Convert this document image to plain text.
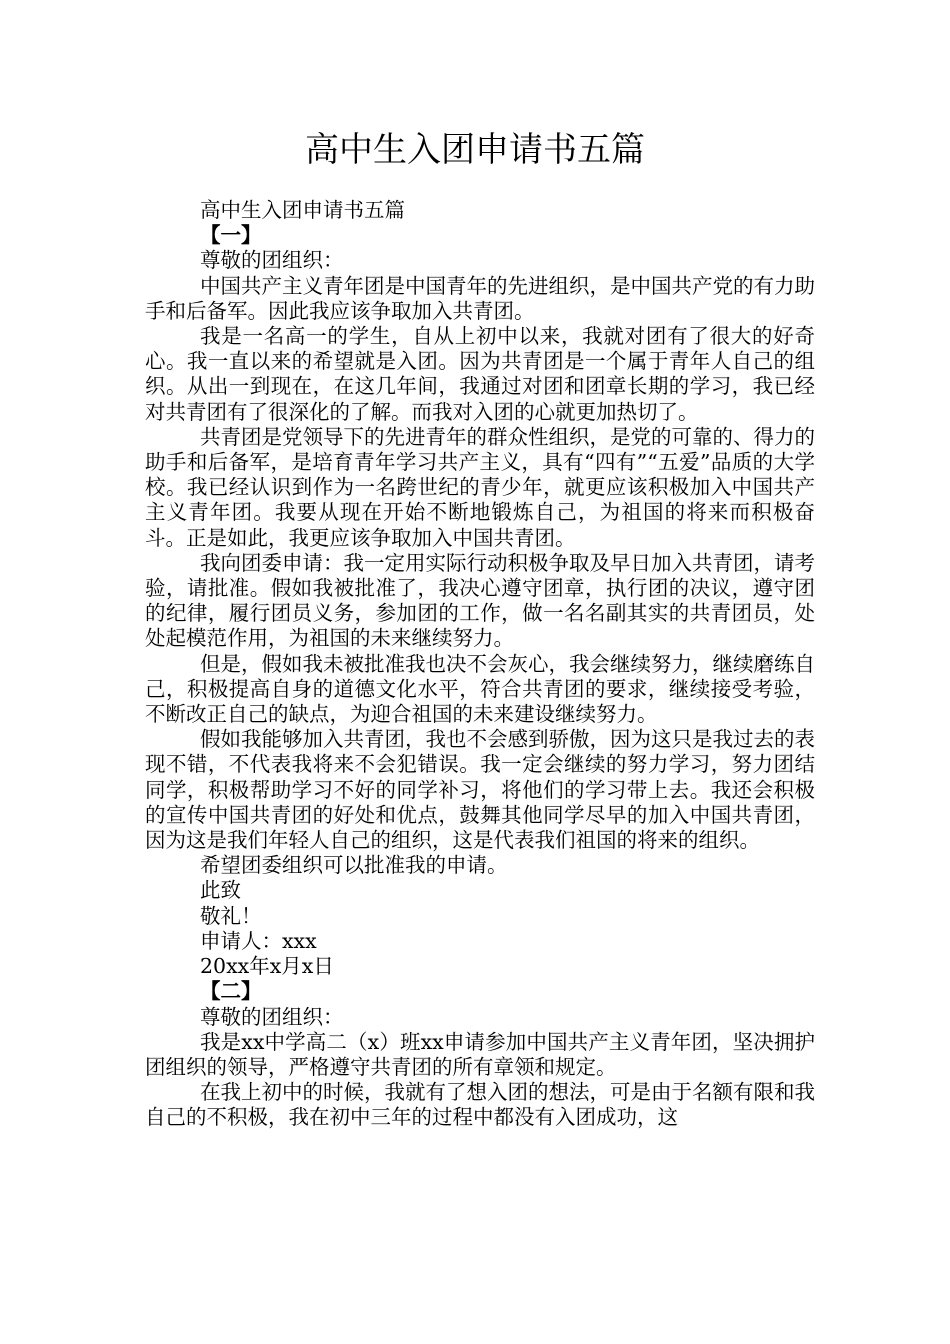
高中生入团申请书五篇

高中生入团申请书五篇

【一】

尊敬的团组织：

中国共产主义青年团是中国青年的先进组织，是中国共产党的有力助手和后备军。因此我应该争取加入共青团。

我是一名高一的学生，自从上初中以来，我就对团有了很大的好奇心。我一直以来的希望就是入团。因为共青团是一个属于青年人自己的组织。从出一到现在，在这几年间，我通过对团和团章长期的学习，我已经对共青团有了很深化的了解。而我对入团的心就更加热切了。

共青团是党领导下的先进青年的群众性组织，是党的可靠的、得力的助手和后备军，是培育青年学习共产主义，具有“四有”“五爱”品质的大学校。我已经认识到作为一名跨世纪的青少年，就更应该积极加入中国共产主义青年团。我要从现在开始不断地锻炼自己，为祖国的将来而积极奋斗。正是如此，我更应该争取加入中国共青团。

我向团委申请：我一定用实际行动积极争取及早日加入共青团，请考验，请批准。假如我被批准了，我决心遵守团章，执行团的决议，遵守团的纪律，履行团员义务，参加团的工作，做一名名副其实的共青团员，处处起模范作用，为祖国的未来继续努力。

但是，假如我未被批准我也决不会灰心，我会继续努力，继续磨练自己，积极提高自身的道德文化水平，符合共青团的要求，继续接受考验，不断改正自己的缺点，为迎合祖国的未来建设继续努力。

假如我能够加入共青团，我也不会感到骄傲，因为这只是我过去的表现不错，不代表我将来不会犯错误。我一定会继续的努力学习，努力团结同学，积极帮助学习不好的同学补习，将他们的学习带上去。我还会积极的宣传中国共青团的好处和优点，鼓舞其他同学尽早的加入中国共青团，因为这是我们年轻人自己的组织，这是代表我们祖国的将来的组织。

希望团委组织可以批准我的申请。

此致

敬礼！

申请人：xxx

20xx年x月x日

【二】

尊敬的团组织：

我是xx中学高二（x）班xx申请参加中国共产主义青年团，坚决拥护团组织的领导，严格遵守共青团的所有章领和规定。

在我上初中的时候，我就有了想入团的想法，可是由于名额有限和我自己的不积极，我在初中三年的过程中都没有入团成功，这
